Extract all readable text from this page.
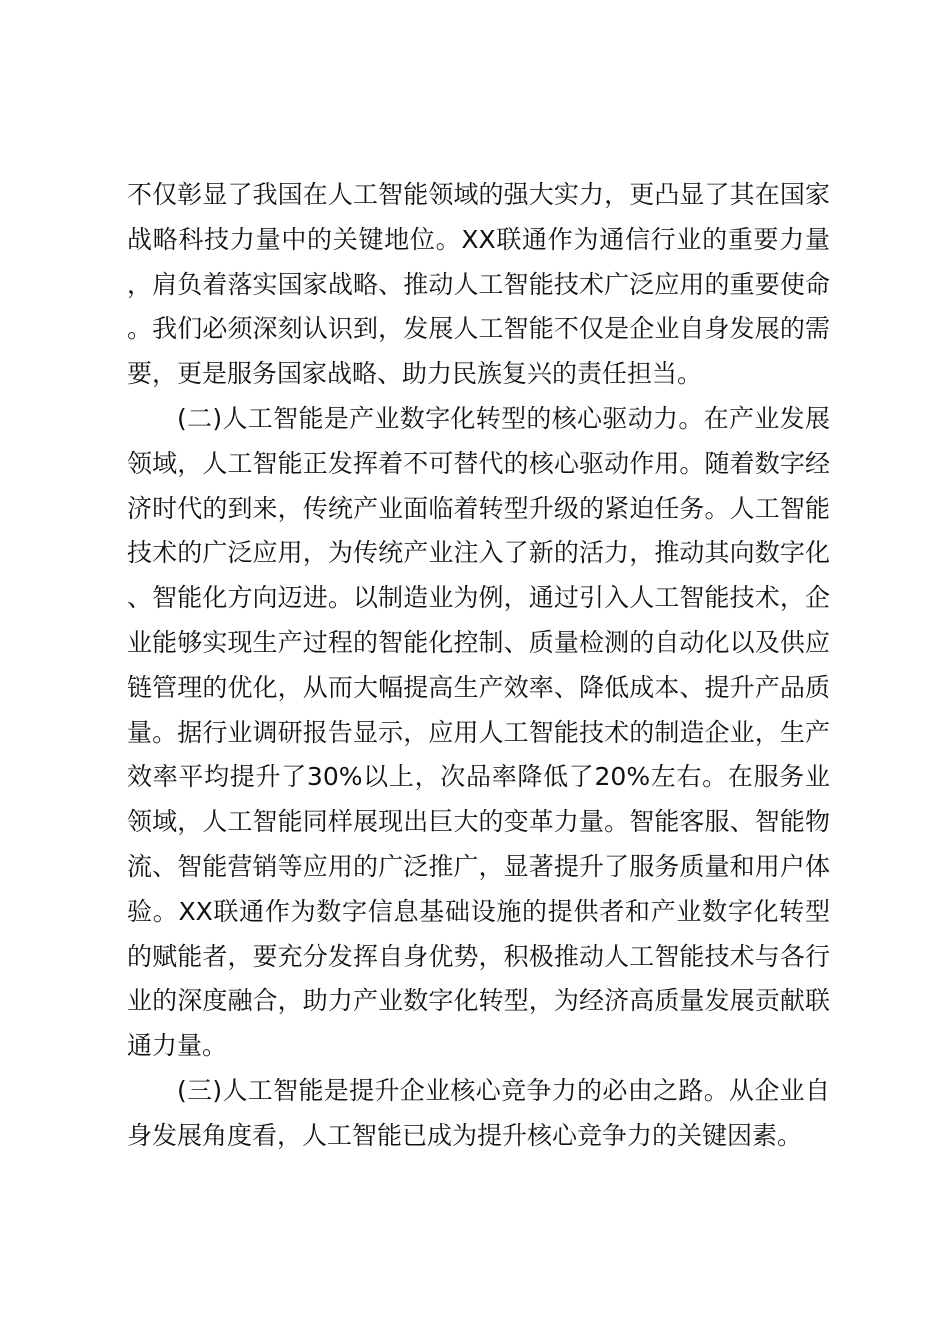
不仅彰显了我国在人工智能领域的强大实力，更凸显了其在国家战略科技力量中的关键地位。XX联通作为通信行业的重要力量，肩负着落实国家战略、推动人工智能技术广泛应用的重要使命。我们必须深刻认识到，发展人工智能不仅是企业自身发展的需要，更是服务国家战略、助力民族复兴的责任担当。

(二)人工智能是产业数字化转型的核心驱动力。在产业发展领域，人工智能正发挥着不可替代的核心驱动作用。随着数字经济时代的到来，传统产业面临着转型升级的紧迫任务。人工智能技术的广泛应用，为传统产业注入了新的活力，推动其向数字化、智能化方向迈进。以制造业为例，通过引入人工智能技术，企业能够实现生产过程的智能化控制、质量检测的自动化以及供应链管理的优化，从而大幅提高生产效率、降低成本、提升产品质量。据行业调研报告显示，应用人工智能技术的制造企业，生产效率平均提升了30%以上，次品率降低了20%左右。在服务业领域，人工智能同样展现出巨大的变革力量。智能客服、智能物流、智能营销等应用的广泛推广，显著提升了服务质量和用户体验。XX联通作为数字信息基础设施的提供者和产业数字化转型的赋能者，要充分发挥自身优势，积极推动人工智能技术与各行业的深度融合，助力产业数字化转型，为经济高质量发展贡献联通力量。

(三)人工智能是提升企业核心竞争力的必由之路。从企业自身发展角度看，人工智能已成为提升核心竞争力的关键因素。
